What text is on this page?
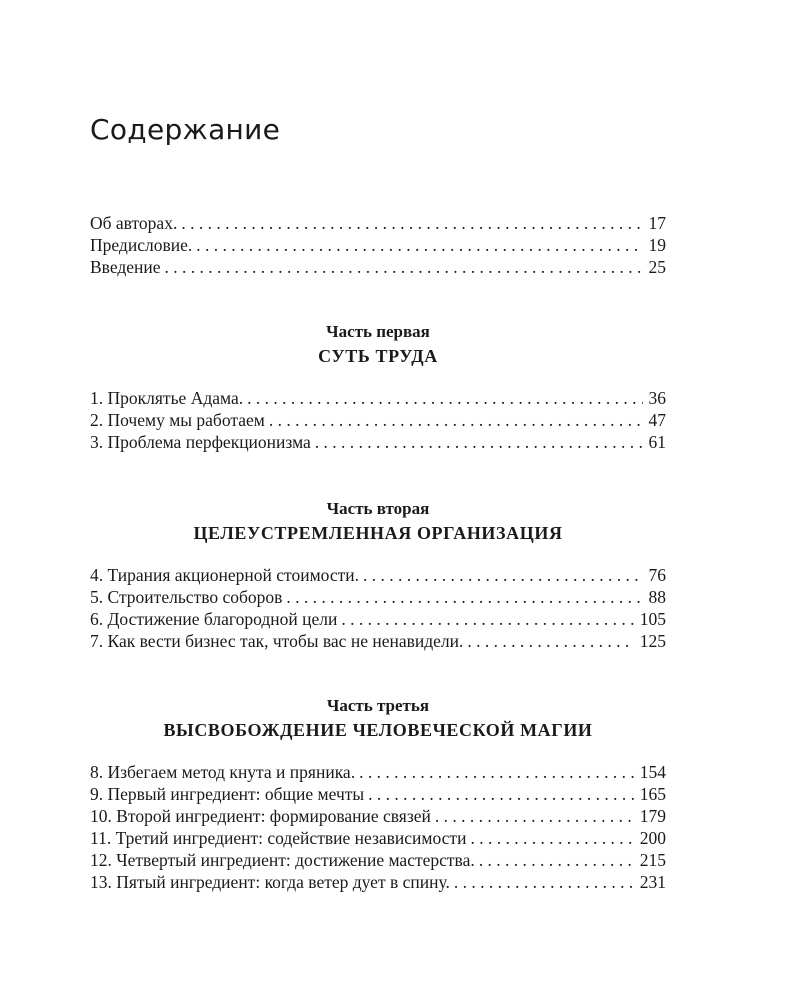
Содержание
Об авторах. . . .	17
Предисловие. . . .	19
Введение . . .	25
Часть первая
СУТЬ ТРУДА
1. Проклятье Адама. . . .	36
2. Почему мы работаем . . .	47
3. Проблема перфекционизма . . .	61
Часть вторая
ЦЕЛЕУСТРЕМЛЕННАЯ ОРГАНИЗАЦИЯ
4. Тирания акционерной стоимости. . . .	76
5. Строительство соборов . . .	88
6. Достижение благородной цели . . .	105
7. Как вести бизнес так, чтобы вас не ненавидели. . . .	125
Часть третья
ВЫСВОБОЖДЕНИЕ ЧЕЛОВЕЧЕСКОЙ МАГИИ
8. Избегаем метод кнута и пряника. . . .	154
9. Первый ингредиент: общие мечты . . .	165
10. Второй ингредиент: формирование связей . . .	179
11. Третий ингредиент: содействие независимости . . .	200
12. Четвертый ингредиент: достижение мастерства. . . .	215
13. Пятый ингредиент: когда ветер дует в спину. . . .	231
